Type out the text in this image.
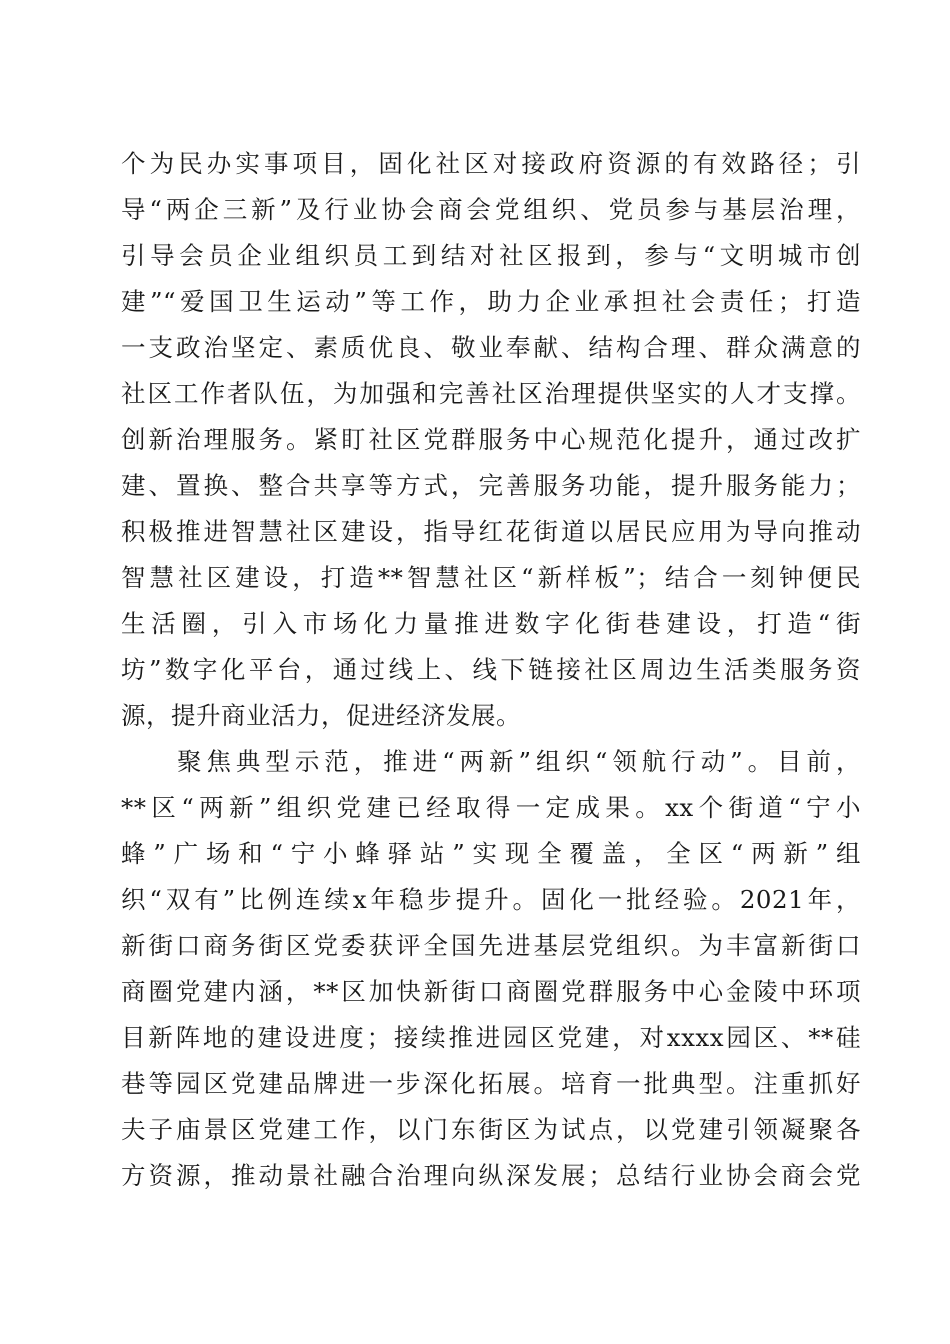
个为民办实事项目，固化社区对接政府资源的有效路径；引
导“两企三新”及行业协会商会党组织、党员参与基层治理，
引导会员企业组织员工到结对社区报到，参与“文明城市创
建”“爱国卫生运动”等工作，助力企业承担社会责任；打造
一支政治坚定、素质优良、敬业奉献、结构合理、群众满意的
社区工作者队伍，为加强和完善社区治理提供坚实的人才支撑。
创新治理服务。紧盯社区党群服务中心规范化提升，通过改扩
建、置换、整合共享等方式，完善服务功能，提升服务能力；
积极推进智慧社区建设，指导红花街道以居民应用为导向推动
智慧社区建设，打造**智慧社区“新样板”；结合一刻钟便民
生活圈，引入市场化力量推进数字化街巷建设，打造“街
坊”数字化平台，通过线上、线下链接社区周边生活类服务资
源，提升商业活力，促进经济发展。
聚焦典型示范，推进“两新”组织“领航行动”。目前，
**区“两新”组织党建已经取得一定成果。xx个街道“宁小
蜂”广场和“宁小蜂驿站”实现全覆盖，全区“两新”组
织“双有”比例连续x年稳步提升。固化一批经验。2021年，
新街口商务街区党委获评全国先进基层党组织。为丰富新街口
商圈党建内涵，**区加快新街口商圈党群服务中心金陵中环项
目新阵地的建设进度；接续推进园区党建，对xxxx园区、**硅
巷等园区党建品牌进一步深化拓展。培育一批典型。注重抓好
夫子庙景区党建工作，以门东街区为试点，以党建引领凝聚各
方资源，推动景社融合治理向纵深发展；总结行业协会商会党
